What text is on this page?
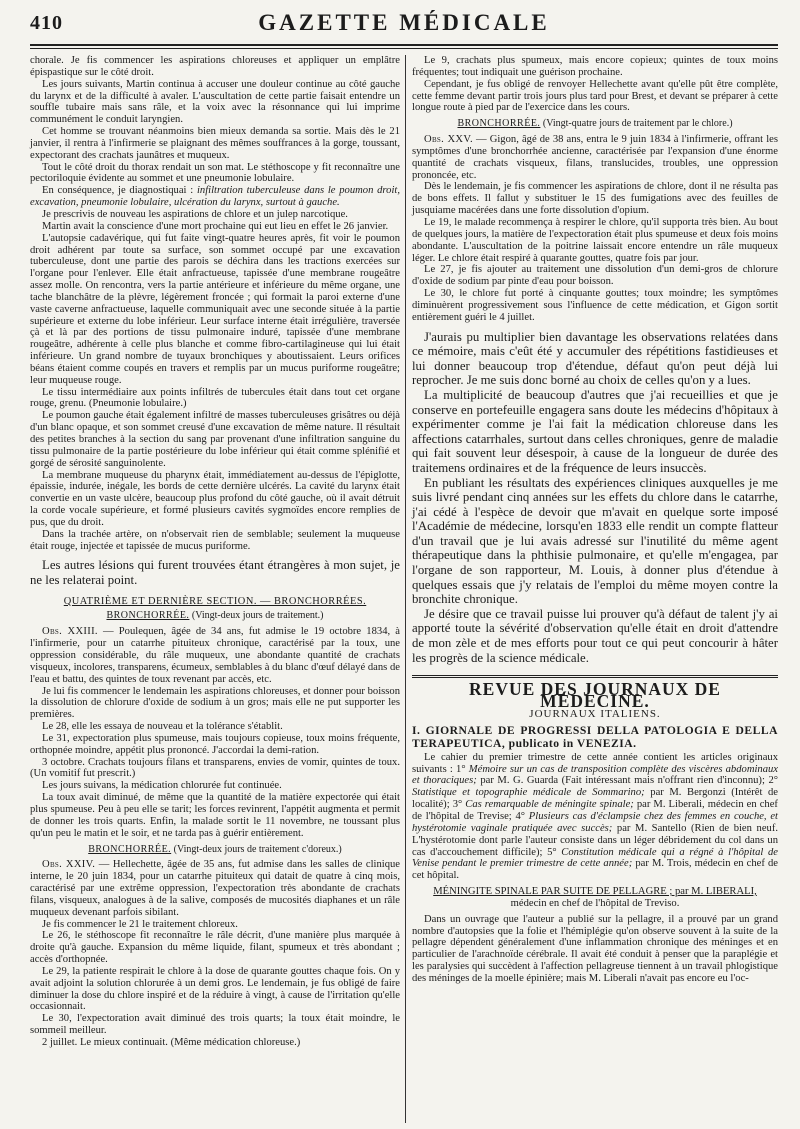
410	GAZETTE MÉDICALE

chorale. Je fis commencer les aspirations chloreuses et appliquer un emplâtre épispastique sur le côté droit.

Les jours suivants, Martin continua à accuser une douleur continue au côté gauche du larynx et de la difficulté à avaler. L'auscultation de cette partie faisait entendre un souffle tubaire mais sans râle, et la voix avec la résonnance qui lui imprime communément le conduit laryngien.

Cet homme se trouvant néanmoins bien mieux demanda sa sortie. Mais dès le 21 janvier, il rentra à l'infirmerie se plaignant des mêmes souffrances à la gorge, toussant, expectorant des crachats jaunâtres et muqueux.

Tout le côté droit du thorax rendait un son mat. Le stéthoscope y fit reconnaître une pectoriloquie évidente au sommet et une pneumonie lobulaire.

En conséquence, je diagnostiquai : infiltration tuberculeuse dans le poumon droit, excavation, pneumonie lobulaire, ulcération du larynx, surtout à gauche.

Je prescrivis de nouveau les aspirations de chlore et un julep narcotique.

Martin avait la conscience d'une mort prochaine qui eut lieu en effet le 26 janvier.

L'autopsie cadavérique, qui fut faite vingt-quatre heures après, fit voir le poumon droit adhérent par toute sa surface, son sommet occupé par une excavation tuberculeuse, dont une partie des parois se déchira dans les tractions exercées sur l'organe pour l'enlever. Elle était anfractueuse, tapissée d'une membrane rougeâtre assez molle. On rencontra, vers la partie antérieure et inférieure du même organe, une tache blanchâtre de la plèvre, légèrement froncée ; qui formait la paroi externe d'une vaste caverne anfractueuse, laquelle communiquait avec une seconde située à la partie supérieure et externe du lobe inférieur. Leur surface interne était irrégulière, traversée çà et là par des portions de tissu pulmonaire induré, tapissée d'une membrane rougeâtre, adhérente à celle plus blanche et comme fibro-cartilagineuse qui lui était inférieure. Un grand nombre de tuyaux bronchiques y aboutissaient. Leurs orifices béans étaient comme coupés en travers et remplis par un mucus puriforme rougeâtre; leur muqueuse rouge.

Le tissu intermédiaire aux points infiltrés de tubercules était dans tout cet organe rouge, grenu. (Pneumonie lobulaire.)

Le poumon gauche était également infiltré de masses tuberculeuses grisâtres ou déjà d'un blanc opaque, et son sommet creusé d'une excavation de même nature. Il résultait des petites branches à la section du sang par provenant d'une infiltration sanguine du tissu pulmonaire de la partie postérieure du lobe inférieur qui était comme splénifié et gorgé de sérosité sanguinolente.

La membrane muqueuse du pharynx était, immédiatement au-dessus de l'épiglotte, épaissie, indurée, inégale, les bords de cette dernière ulcérés. La cavité du larynx était convertie en un vaste ulcère, beaucoup plus profond du côté gauche, où il avait détruit la corde vocale supérieure, et formé plusieurs cavités sygmoïdes encore remplies de pus, que du droit.

Dans la trachée artère, on n'observait rien de semblable; seulement la muqueuse était rouge, injectée et tapissée de mucus puriforme.

Les autres lésions qui furent trouvées étant étrangères à mon sujet, je ne les relaterai point.

QUATRIÈME ET DERNIÈRE SECTION. — BRONCHORRÉES.

BRONCHORRÉE. (Vingt-deux jours de traitement.)

Obs. XXIII. — Poulequen, âgée de 34 ans, fut admise le 19 octobre 1834, à l'infirmerie, pour un catarrhe pituiteux chronique, caractérisé par la toux, une oppression considérable, du râle muqueux, une abondante quantité de crachats visqueux, incolores, transparens, écumeux, semblables à du blanc d'œuf délayé dans de l'eau et battu, des quintes de toux revenant par accès, etc.

Je lui fis commencer le lendemain les aspirations chloreuses, et donner pour boisson la dissolution de chlorure d'oxide de sodium à un gros; mais elle ne put supporter les premières.

Le 28, elle les essaya de nouveau et la tolérance s'établit.

Le 31, expectoration plus spumeuse, mais toujours copieuse, toux moins fréquente, orthopnée moindre, appétit plus prononcé. J'accordai la demi-ration.

3 octobre. Crachats toujours filans et transparens, envies de vomir, quintes de toux. (Un vomitif fut prescrit.)

Les jours suivans, la médication chlorurée fut continuée.

La toux avait diminué, de même que la quantité de la matière expectorée qui était plus spumeuse. Peu à peu elle se tarit; les forces revinrent, l'appétit augmenta et permit de donner les trois quarts. Enfin, la malade sortit le 11 novembre, ne toussant plus qu'un peu le matin et le soir, et ne tarda pas à guérir entièrement.

BRONCHORRÉE. (Vingt-deux jours de traitement c'doreux.)

Obs. XXIV. — Hellechette, âgée de 35 ans, fut admise dans les salles de clinique interne, le 20 juin 1834, pour un catarrhe pituiteux qui datait de quatre à cinq mois, caractérisé par une extrême oppression, l'expectoration très abondante de crachats filans, visqueux, analogues à de la salive, composés de mucosités diaphanes et un râle muqueux devenant parfois sibilant.

Je fis commencer le 21 le traitement chloreux.

Le 26, le stéthoscope fit reconnaître le râle décrit, d'une manière plus marquée à droite qu'à gauche. Expansion du même liquide, filant, spumeux et très abondant ; accès d'orthopnée.

Le 29, la patiente respirait le chlore à la dose de quarante gouttes chaque fois. On y avait adjoint la solution chlorurée à un demi gros. Le lendemain, je fus obligé de faire diminuer la dose du chlore inspiré et de la réduire à vingt, à cause de l'irritation qu'elle occasionnait.

Le 30, l'expectoration avait diminué des trois quarts; la toux était moindre, le sommeil meilleur.

2 juillet. Le mieux continuait. (Même médication chloreuse.)

Le 9, crachats plus spumeux, mais encore copieux; quintes de toux moins fréquentes; tout indiquait une guérison prochaine.

Cependant, je fus obligé de renvoyer Hellechette avant qu'elle pût être complète, cette femme devant partir trois jours plus tard pour Brest, et devant se préparer à cette longue route à pied par de l'exercice dans les cours.

BRONCHORRÉE. (Vingt-quatre jours de traitement par le chlore.)

Obs. XXV. — Gigon, âgé de 38 ans, entra le 9 juin 1834 à l'infirmerie, offrant les symptômes d'une bronchorrhée ancienne, caractérisée par l'expansion d'une énorme quantité de crachats visqueux, filans, translucides, troubles, une oppression prononcée, etc.

Dès le lendemain, je fis commencer les aspirations de chlore, dont il ne résulta pas de bons effets. Il fallut y substituer le 15 des fumigations avec des feuilles de jusquiame macérées dans une forte dissolution d'opium.

Le 19, le malade recommença à respirer le chlore, qu'il supporta très bien. Au bout de quelques jours, la matière de l'expectoration était plus spumeuse et deux fois moins abondante. L'auscultation de la poitrine laissait encore entendre un râle muqueux léger. Le chlore était respiré à quarante gouttes, quatre fois par jour.

Le 27, je fis ajouter au traitement une dissolution d'un demi-gros de chlorure d'oxide de sodium par pinte d'eau pour boisson.

Le 30, le chlore fut porté à cinquante gouttes; toux moindre; les symptômes diminuèrent progressivement sous l'influence de cette médication, et Gigon sortit entièrement guéri le 4 juillet.

J'aurais pu multiplier bien davantage les observations relatées dans ce mémoire, mais c'eût été y accumuler des répétitions fastidieuses et lui donner beaucoup trop d'étendue, défaut qu'on peut déjà lui reprocher. Je me suis donc borné au choix de celles qu'on y a lues.

La multiplicité de beaucoup d'autres que j'ai recueillies et que je conserve en portefeuille engagera sans doute les médecins d'hôpitaux à expérimenter comme je l'ai fait la médication chloreuse dans les affections catarrhales, surtout dans celles chroniques, genre de maladie qui fait souvent leur désespoir, à cause de la longueur de durée des traitemens ordinaires et de la fréquence de leurs insuccès.

En publiant les résultats des expériences cliniques auxquelles je me suis livré pendant cinq années sur les effets du chlore dans le catarrhe, j'ai cédé à l'espèce de devoir que m'avait en quelque sorte imposé l'Académie de médecine, lorsqu'en 1833 elle rendit un compte flatteur d'un travail que je lui avais adressé sur l'inutilité du même agent thérapeutique dans la phthisie pulmonaire, et qu'elle m'engagea, par l'organe de son rapporteur, M. Louis, à donner plus d'étendue à quelques essais que j'y relatais de l'emploi du même moyen contre la bronchite chronique.

Je désire que ce travail puisse lui prouver qu'à défaut de talent j'y ai apporté toute la sévérité d'observation qu'elle était en droit d'attendre de mon zèle et de mes efforts pour tout ce qui peut concourir à hâter les progrès de la science médicale.

REVUE DES JOURNAUX DE MÉDECINE.

JOURNAUX ITALIENS.

I. GIORNALE DE PROGRESSI DELLA PATOLOGIA E DELLA TERAPEUTICA, publicato in VENEZIA.

Le cahier du premier trimestre de cette année contient les articles originaux suivants : 1° Mémoire sur un cas de transposition complète des viscères abdominaux et thoraciques; par M. G. Guarda (Fait intéressant mais n'offrant rien d'inconnu); 2° Statistique et topographie médicale de Sommarino; par M. Bergonzi (Intérêt de localité); 3° Cas remarquable de méningite spinale; par M. Liberali, médecin en chef de l'hôpital de Trevise; 4° Plusieurs cas d'éclampsie chez des femmes en couche, et hystérotomie vaginale pratiquée avec succès; par M. Santello (Rien de bien neuf. L'hystérotomie dont parle l'auteur consiste dans un léger débridement du col dans un cas d'accouchement difficile); 5° Constitution médicale qui a régné à l'hôpital de Venise pendant le premier trimestre de cette année; par M. Trois, médecin en chef de cet hôpital.

MÉNINGITE SPINALE PAR SUITE DE PELLAGRE ; par M. LIBERALI,
médecin en chef de l'hôpital de Treviso.

Dans un ouvrage que l'auteur a publié sur la pellagre, il a prouvé par un grand nombre d'autopsies que la folie et l'hémiplégie qu'on observe souvent à la suite de la pellagre dépendent généralement d'une inflammation chronique des méninges et en particulier de l'arachnoïde cérébrale. Il avait été conduit à penser que la paraplégie et les paralysies qui succèdent à l'affection pellagreuse tiennent à un travail phlogistique des méninges de la moelle épinière; mais M. Liberali n'avait pas encore eu l'oc-
